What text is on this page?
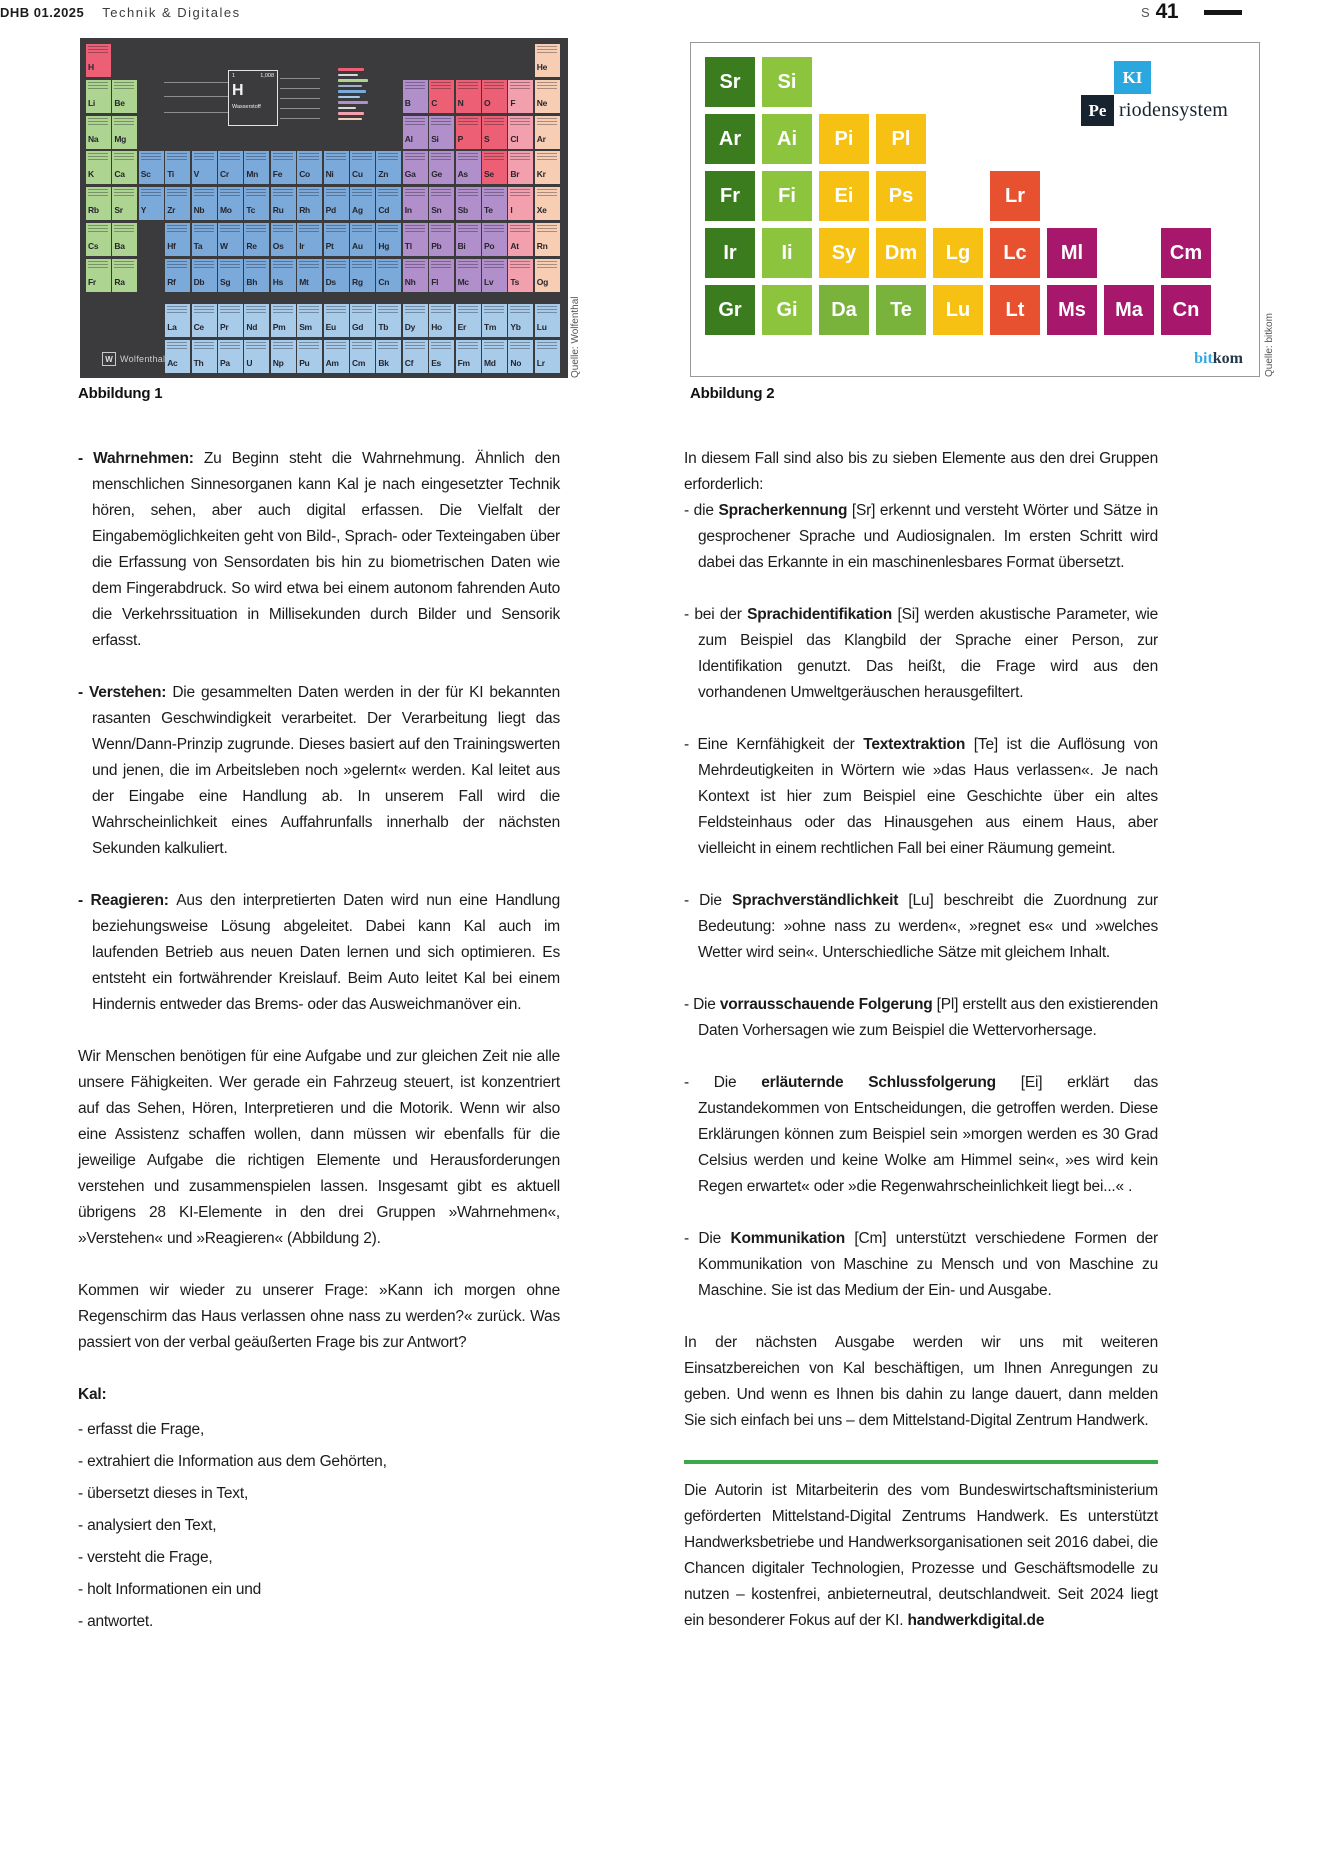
H	He
Li Be	B C N O F	Ne
Na Mg	Al Si P S Cl Ar
K Ca Sc Ti V Cr Mn Fe Co Ni Cu Zn Ga Ge As Se Br Kr
Rb Sr Y Zr Nb Mo Tc Ru Rh Pd Ag Cd In Sn Sb Te I	Xe
Cs Ba	Hf Ta W Re Os Ir	Pt Au Hg Tl Pb Bi Po At Rn
Fr Ra	Rf Db Sg Bh Hs Mt Ds Rg Cn Nh Fl Mc Lv Ts Og
La Ce Pr Nd Pm Sm Eu Gd Tb Dy Ho Er Tm Yb Lu
Ac Th Pa U Np Pu Am Cm Bk Cf Es Fm Md No Lr
1	1,008
H
Wasserstoff
W Wolfenthal	Quelle: Wolfenthal
Abbildung 1
Sr Si
Ar Ai Pi Pl
Fr Fi Ei Ps	Lr
Ir Ii Sy Dm Lg Lc Ml	Cm
Gr Gi Da Te Lu Lt Ms Ma Cn
KI
Pe riodensystem
bitkom Quelle: bitkom
Abbildung 2

- Wahrnehmen: Zu Beginn steht die Wahrnehmung. Ähnlich den menschlichen Sinnesorganen kann Kal je nach eingesetzter Technik hören, sehen, aber auch digital erfassen. Die Vielfalt der Eingabemöglichkeiten geht von Bild-, Sprach- oder Texteingaben über die Erfassung von Sensordaten bis hin zu biometrischen Daten wie dem Fingerabdruck. So wird etwa bei einem autonom fahrenden Auto die Verkehrssituation in Millisekunden durch Bilder und Sensorik erfasst.

- Verstehen: Die gesammelten Daten werden in der für KI bekannten rasanten Geschwindigkeit verarbeitet. Der Verarbeitung liegt das Wenn/Dann-Prinzip zugrunde. Dieses basiert auf den Trainingswerten und jenen, die im Arbeitsleben noch »gelernt« werden. Kal leitet aus der Eingabe eine Handlung ab. In unserem Fall wird die Wahrscheinlichkeit eines Auffahrunfalls innerhalb der nächsten Sekunden kalkuliert.

- Reagieren: Aus den interpretierten Daten wird nun eine Handlung beziehungsweise Lösung abgeleitet. Dabei kann Kal auch im laufenden Betrieb aus neuen Daten lernen und sich optimieren. Es entsteht ein fortwährender Kreislauf. Beim Auto leitet Kal bei einem Hindernis entweder das Brems- oder das Ausweichmanöver ein.

Wir Menschen benötigen für eine Aufgabe und zur gleichen Zeit nie alle unsere Fähigkeiten. Wer gerade ein Fahrzeug steuert, ist konzentriert auf das Sehen, Hören, Interpretieren und die Motorik. Wenn wir also eine Assistenz schaffen wollen, dann müssen wir ebenfalls für die jeweilige Aufgabe die richtigen Elemente und Herausforderungen verstehen und zusammenspielen lassen. Insgesamt gibt es aktuell übrigens 28 KI-Elemente in den drei Gruppen »Wahrnehmen«, »Verstehen« und »Reagieren« (Abbildung 2).

Kommen wir wieder zu unserer Frage: »Kann ich morgen ohne Regenschirm das Haus verlassen ohne nass zu werden?« zurück. Was passiert von der verbal geäußerten Frage bis zur Antwort?

Kal:

- erfasst die Frage,
- extrahiert die Information aus dem Gehörten,
- übersetzt dieses in Text,
- analysiert den Text,
- versteht die Frage,
- holt Informationen ein und
- antwortet.

In diesem Fall sind also bis zu sieben Elemente aus den drei Gruppen erforderlich:

- die Spracherkennung [Sr] erkennt und versteht Wörter und Sätze in gesprochener Sprache und Audiosignalen. Im ersten Schritt wird dabei das Erkannte in ein maschinenlesbares Format übersetzt.

- bei der Sprachidentifikation [Si] werden akustische Parameter, wie zum Beispiel das Klangbild der Sprache einer Person, zur Identifikation genutzt. Das heißt, die Frage wird aus den vorhandenen Umweltgeräuschen herausgefiltert.

- Eine Kernfähigkeit der Textextraktion [Te] ist die Auflösung von Mehrdeutigkeiten in Wörtern wie »das Haus verlassen«. Je nach Kontext ist hier zum Beispiel eine Geschichte über ein altes Feldsteinhaus oder das Hinausgehen aus einem Haus, aber vielleicht in einem rechtlichen Fall bei einer Räumung gemeint.

- Die Sprachverständlichkeit [Lu] beschreibt die Zuordnung zur Bedeutung: »ohne nass zu werden«, »regnet es« und »welches Wetter wird sein«. Unterschiedliche Sätze mit gleichem Inhalt.

- Die vorrausschauende Folgerung [Pl] erstellt aus den existierenden Daten Vorhersagen wie zum Beispiel die Wettervorhersage.

- Die erläuternde Schlussfolgerung [Ei] erklärt das Zustandekommen von Entscheidungen, die getroffen werden. Diese Erklärungen können zum Beispiel sein »morgen werden es 30 Grad Celsius werden und keine Wolke am Himmel sein«, »es wird kein Regen erwartet« oder »die Regenwahrscheinlichkeit liegt bei...« .

- Die Kommunikation [Cm] unterstützt verschiedene Formen der Kommunikation von Maschine zu Mensch und von Maschine zu Maschine. Sie ist das Medium der Ein- und Ausgabe.

In der nächsten Ausgabe werden wir uns mit weiteren Einsatzbereichen von Kal beschäftigen, um Ihnen Anregungen zu geben. Und wenn es Ihnen bis dahin zu lange dauert, dann melden Sie sich einfach bei uns – dem Mittelstand-Digital Zentrum Handwerk.

Die Autorin ist Mitarbeiterin des vom Bundeswirtschaftsministerium geförderten Mittelstand-Digital Zentrums Handwerk. Es unterstützt Handwerksbetriebe und Handwerksorganisationen seit 2016 dabei, die Chancen digitaler Technologien, Prozesse und Geschäftsmodelle zu nutzen – kostenfrei, anbieterneutral, deutschlandweit. Seit 2024 liegt ein besonderer Fokus auf der KI. handwerkdigital.de

DHB 01.2025 Technik & Digitales	S 41
